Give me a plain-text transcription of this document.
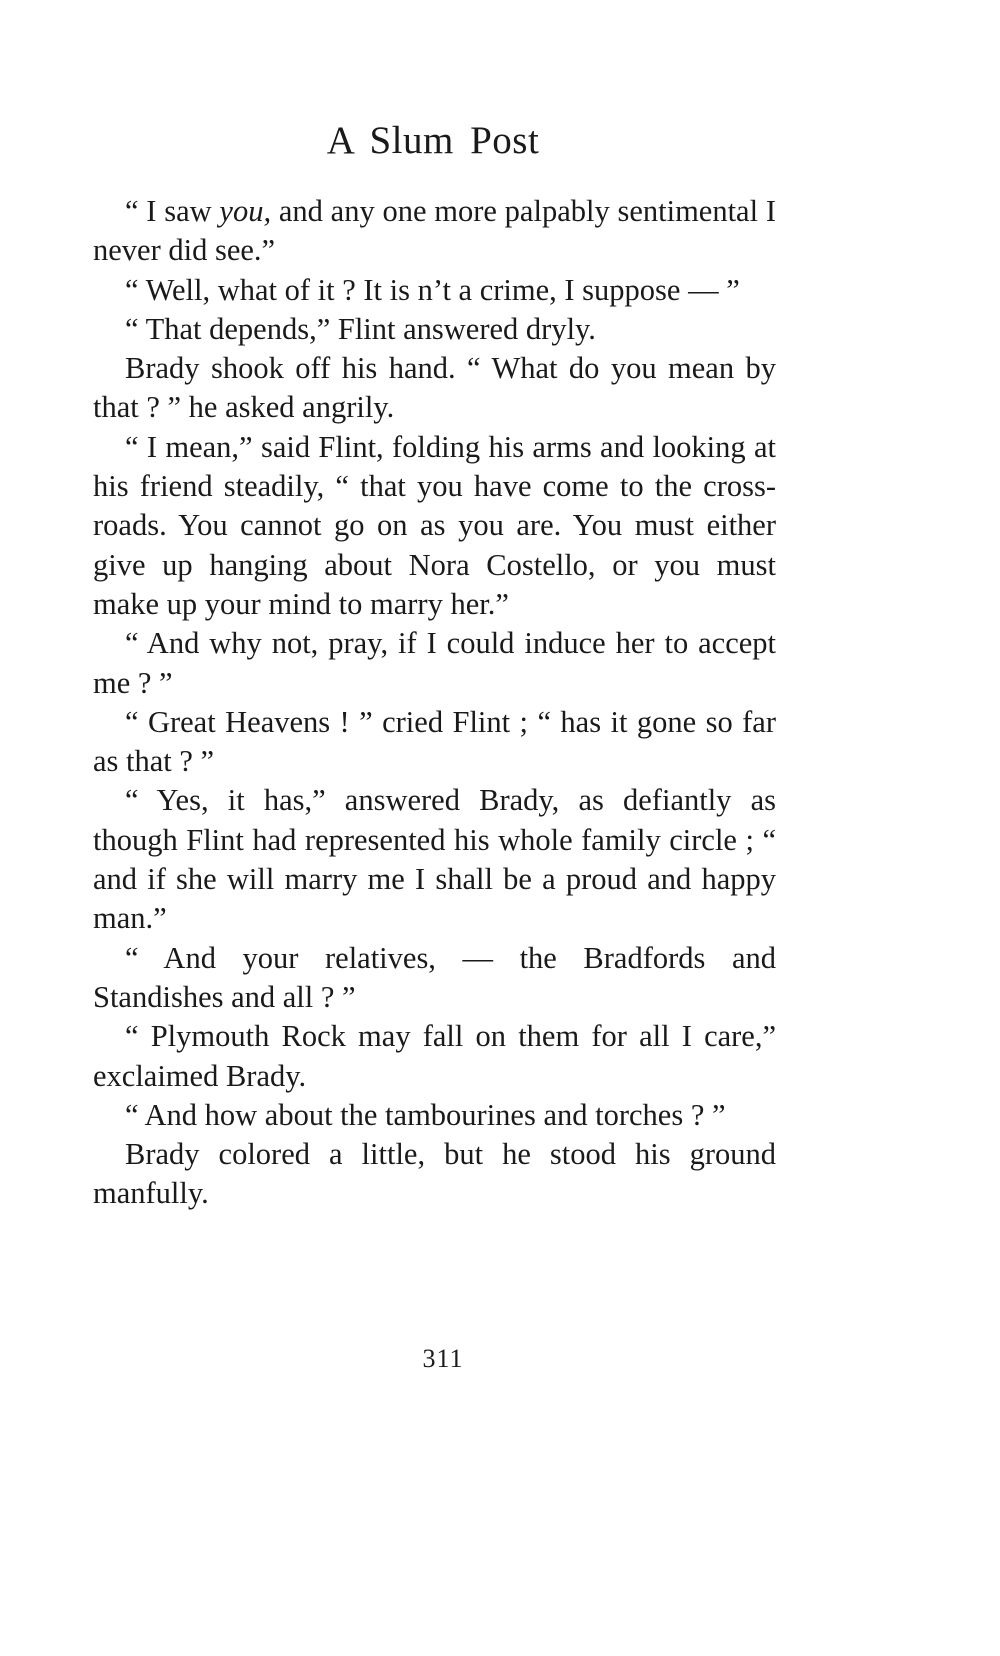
A Slum Post

“ I saw you, and any one more palpably sentimental I never did see.”

“ Well, what of it ? It is n’t a crime, I suppose — ”

“ That depends,” Flint answered dryly.

Brady shook off his hand. “ What do you mean by that ? ” he asked angrily.

“ I mean,” said Flint, folding his arms and looking at his friend steadily, “ that you have come to the cross-roads. You cannot go on as you are. You must either give up hanging about Nora Costello, or you must make up your mind to marry her.”

“ And why not, pray, if I could induce her to accept me ? ”

“ Great Heavens ! ” cried Flint ; “ has it gone so far as that ? ”

“ Yes, it has,” answered Brady, as defiantly as though Flint had represented his whole family circle ; “ and if she will marry me I shall be a proud and happy man.”

“ And your relatives, — the Bradfords and Standishes and all ? ”

“ Plymouth Rock may fall on them for all I care,” exclaimed Brady.

“ And how about the tambourines and torches ? ”

Brady colored a little, but he stood his ground manfully.

311
